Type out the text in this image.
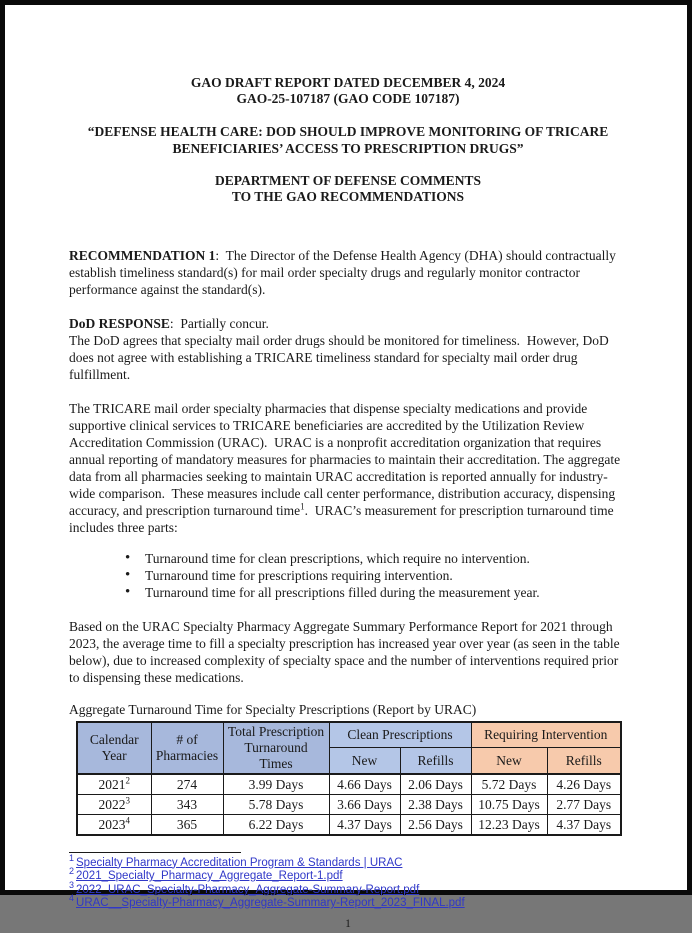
GAO DRAFT REPORT DATED DECEMBER 4, 2024
GAO-25-107187 (GAO CODE 107187)
“DEFENSE HEALTH CARE: DOD SHOULD IMPROVE MONITORING OF TRICARE BENEFICIARIES’ ACCESS TO PRESCRIPTION DRUGS”
DEPARTMENT OF DEFENSE COMMENTS
TO THE GAO RECOMMENDATIONS

RECOMMENDATION 1:  The Director of the Defense Health Agency (DHA) should contractually establish timeliness standard(s) for mail order specialty drugs and regularly monitor contractor performance against the standard(s).

DoD RESPONSE:  Partially concur.
The DoD agrees that specialty mail order drugs should be monitored for timeliness.  However, DoD does not agree with establishing a TRICARE timeliness standard for specialty mail order drug fulfillment.

The TRICARE mail order specialty pharmacies that dispense specialty medications and provide supportive clinical services to TRICARE beneficiaries are accredited by the Utilization Review Accreditation Commission (URAC).  URAC is a nonprofit accreditation organization that requires annual reporting of mandatory measures for pharmacies to maintain their accreditation. The aggregate data from all pharmacies seeking to maintain URAC accreditation is reported annually for industry-wide comparison.  These measures include call center performance, distribution accuracy, dispensing accuracy, and prescription turnaround time$^1$.  URAC’s measurement for prescription turnaround time includes three parts:

• Turnaround time for clean prescriptions, which require no intervention.
• Turnaround time for prescriptions requiring intervention.
• Turnaround time for all prescriptions filled during the measurement year.

Based on the URAC Specialty Pharmacy Aggregate Summary Performance Report for 2021 through 2023, the average time to fill a specialty prescription has increased year over year (as seen in the table below), due to increased complexity of specialty space and the number of interventions required prior to dispensing these medications.

Aggregate Turnaround Time for Specialty Prescriptions (Report by URAC)
Calendar Year	# of Pharmacies	Total Prescription Turnaround Times	Clean Prescriptions		Requiring Intervention	
			New	Refills	New	Refills
2021$^2$	274	3.99 Days	4.66 Days	2.06 Days	5.72 Days	4.26 Days
2022$^3$	343	5.78 Days	3.66 Days	2.38 Days	10.75 Days	2.77 Days
2023$^4$	365	6.22 Days	4.37 Days	2.56 Days	12.23 Days	4.37 Days
$^1$ Specialty Pharmacy Accreditation Program & Standards | URAC
$^2$ 2021_Specialty_Pharmacy_Aggregate_Report-1.pdf
$^3$ 2022_URAC_Specialty-Pharmacy_Aggregate-Summary-Report.pdf
$^4$ URAC__Specialty-Pharmacy_Aggregate-Summary-Report_2023_FINAL.pdf
1
